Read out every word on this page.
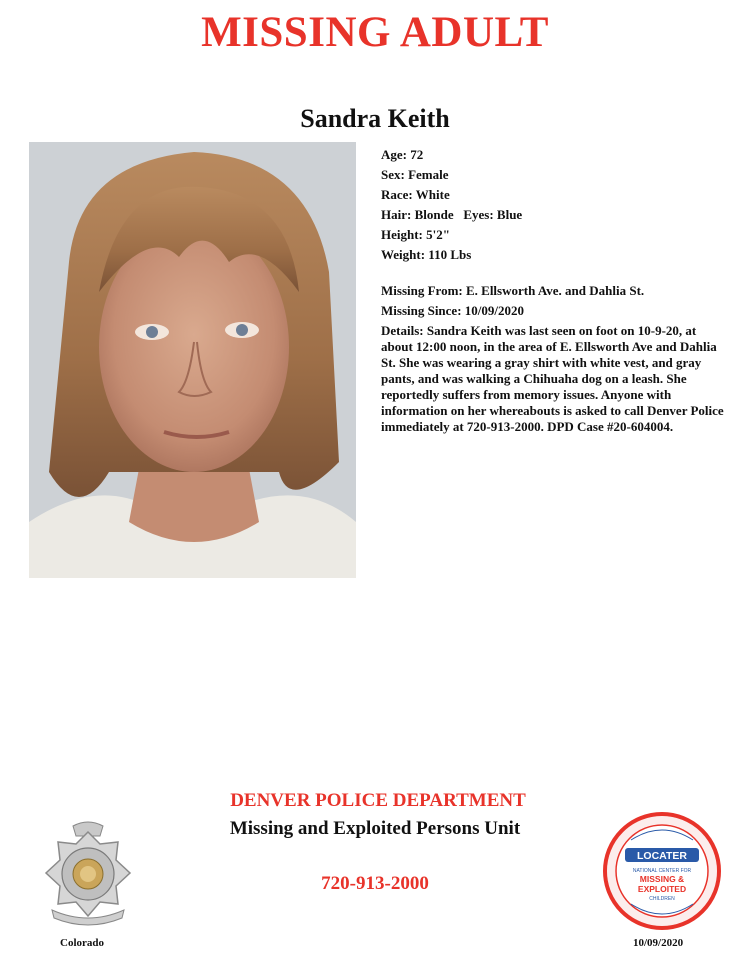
MISSING ADULT
Sandra Keith
Age: 72
Sex: Female
Race: White
Hair: Blonde   Eyes: Blue
Height: 5'2"
Weight: 110 Lbs
Missing From: E. Ellsworth Ave. and Dahlia St.
Missing Since: 10/09/2020
Details: Sandra Keith was last seen on foot on 10-9-20, at about 12:00 noon, in the area of E. Ellsworth Ave and Dahlia St. She was wearing a gray shirt with white vest, and gray pants, and was walking a Chihuaha dog on a leash. She reportedly suffers from memory issues. Anyone with information on her whereabouts is asked to call Denver Police immediately at 720-913-2000. DPD Case #20-604004.
DENVER POLICE DEPARTMENT
Missing and Exploited Persons Unit
720-913-2000
Colorado
LOCATER
NATIONAL CENTER FOR
MISSING &
EXPLOITED
CHILDREN
10/09/2020
